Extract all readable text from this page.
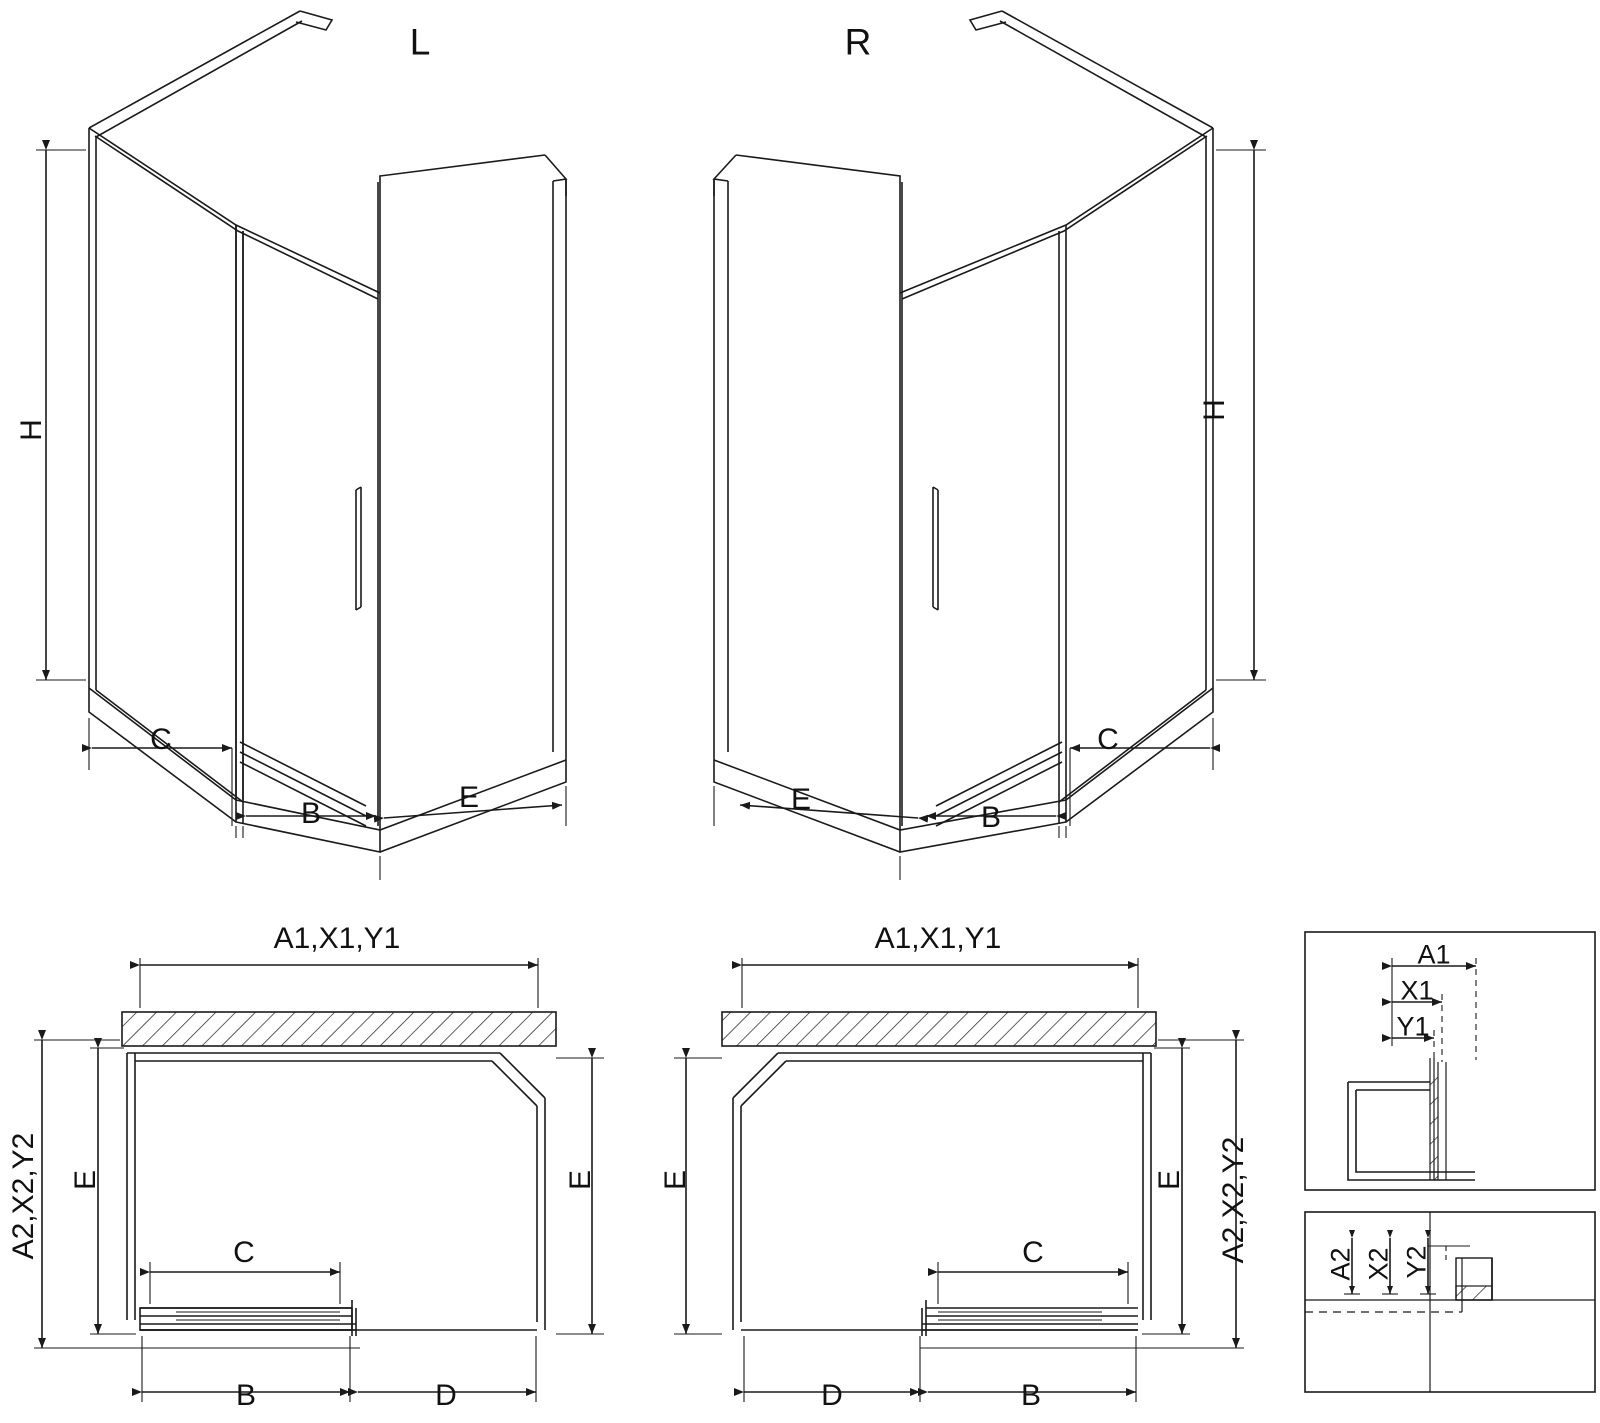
L	R
H
C
B	E
H
C
B
E
A1,X1,Y1
A2,X2,Y2 E	E
C
B	D
A1,X1,Y1
E	E A2,X2,Y2
C
D	B
A1
X1
Y1
A2 X2 Y2
